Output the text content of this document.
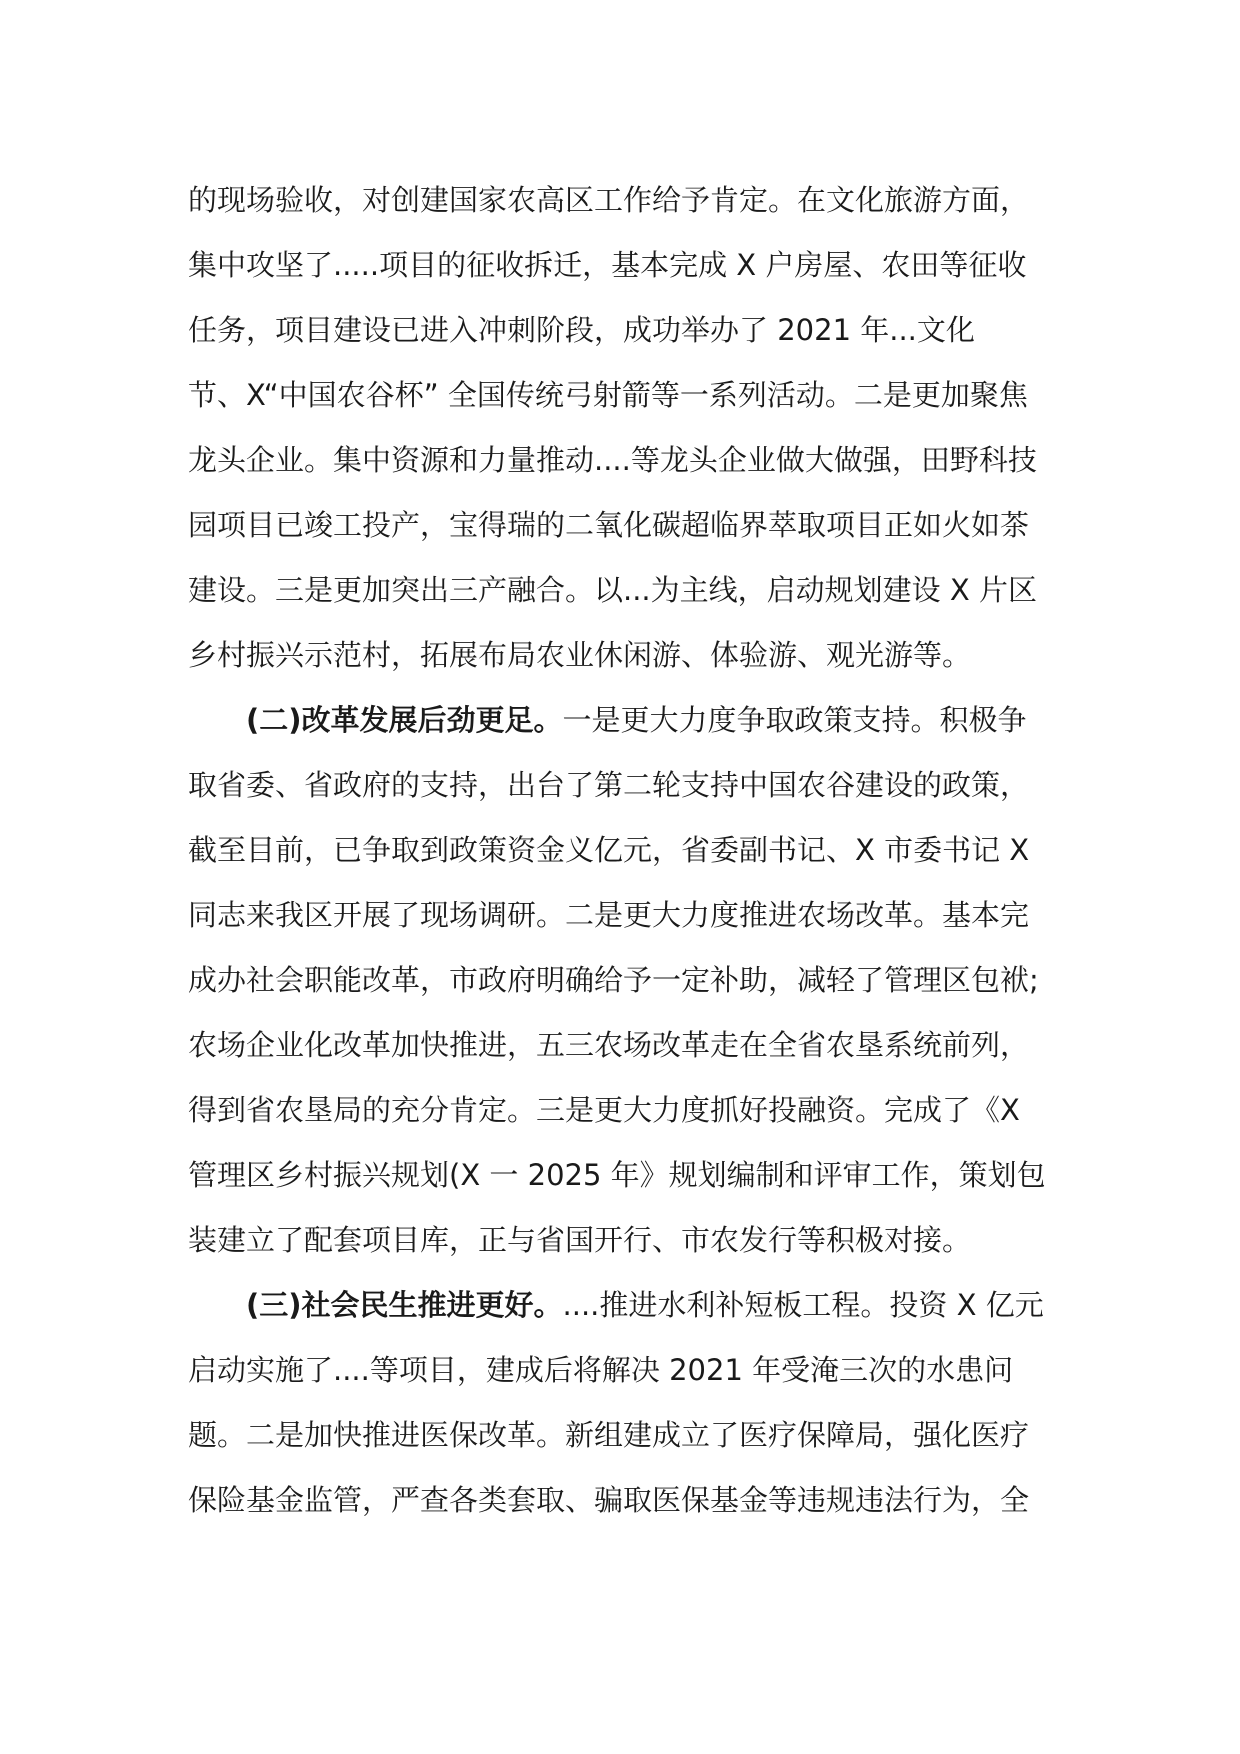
的现场验收，对创建国家农高区工作给予肯定。在文化旅游方面，
集中攻坚了.....项目的征收拆迁，基本完成 X 户房屋、农田等征收
任务，项目建设已进入冲刺阶段，成功举办了 2021 年...文化
节、X“中国农谷杯” 全国传统弓射箭等一系列活动。二是更加聚焦
龙头企业。集中资源和力量推动....等龙头企业做大做强，田野科技
园项目已竣工投产，宝得瑞的二氧化碳超临界萃取项目正如火如茶
建设。三是更加突出三产融合。以...为主线，启动规划建设 X 片区
乡村振兴示范村，拓展布局农业休闲游、体验游、观光游等。
(二)改革发展后劲更足。一是更大力度争取政策支持。积极争
取省委、省政府的支持，出台了第二轮支持中国农谷建设的政策，
截至目前，已争取到政策资金义亿元，省委副书记、X 市委书记 X
同志来我区开展了现场调研。二是更大力度推进农场改革。基本完
成办社会职能改革，市政府明确给予一定补助，减轻了管理区包袱;
农场企业化改革加快推进，五三农场改革走在全省农垦系统前列，
得到省农垦局的充分肯定。三是更大力度抓好投融资。完成了《X
管理区乡村振兴规划(X 一 2025 年》规划编制和评审工作，策划包
装建立了配套项目库，正与省国开行、市农发行等积极对接。
(三)社会民生推进更好。....推进水利补短板工程。投资 X 亿元
启动实施了....等项目，建成后将解决 2021 年受淹三次的水患问
题。二是加快推进医保改革。新组建成立了医疗保障局，强化医疗
保险基金监管，严查各类套取、骗取医保基金等违规违法行为，全
